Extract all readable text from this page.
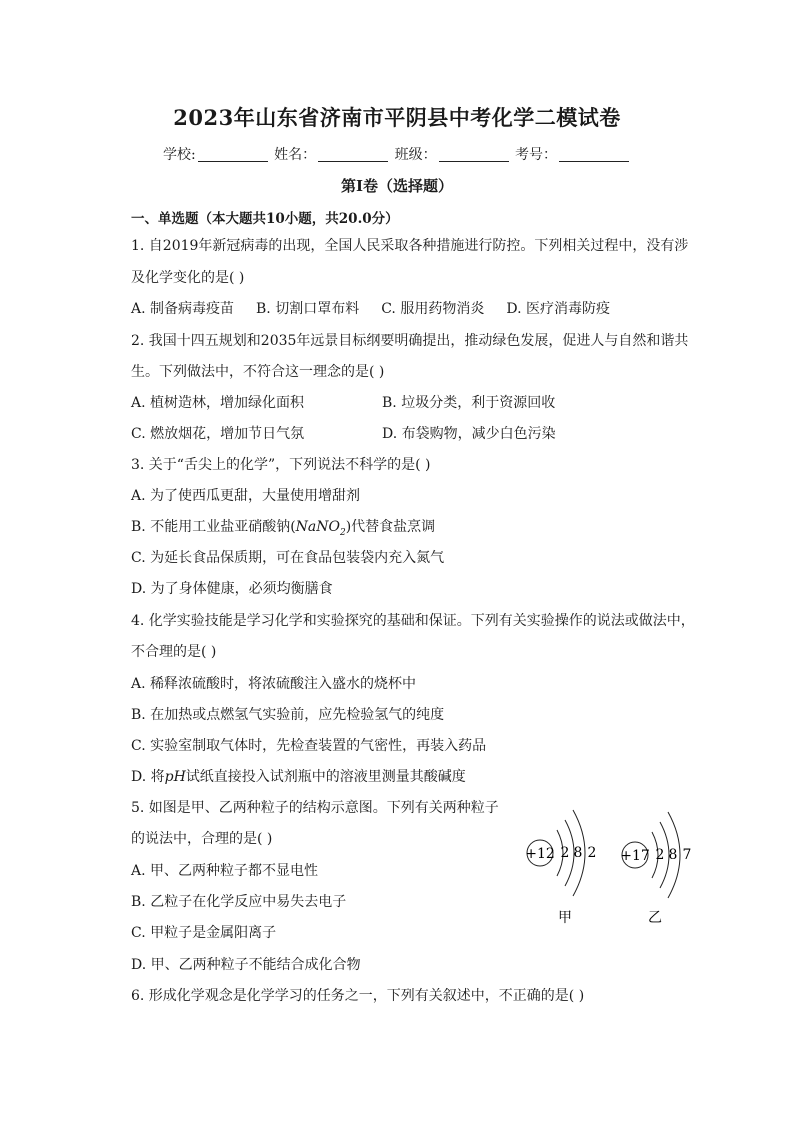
2023年山东省济南市平阴县中考化学二模试卷
学校:	姓名：	班级：	考号：
第I卷（选择题）
一、单选题（本大题共10小题，共20.0分）
1. 自2019年新冠病毒的出现，全国人民采取各种措施进行防控。下列相关过程中，没有涉
及化学变化的是( )
A. 制备病毒疫苗 B. 切割口罩布料 C. 服用药物消炎 D. 医疗消毒防疫
2. 我国十四五规划和2035年远景目标纲要明确提出，推动绿色发展，促进人与自然和谐共
生。下列做法中，不符合这一理念的是( )
A. 植树造林，增加绿化面积	B. 垃圾分类，利于资源回收
C. 燃放烟花，增加节日气氛	D. 布袋购物，减少白色污染
3. 关于“舌尖上的化学”，下列说法不科学的是( )
A. 为了使西瓜更甜，大量使用增甜剂
B. 不能用工业盐亚硝酸钠(NaNO$_2$)代替食盐烹调
C. 为延长食品保质期，可在食品包装袋内充入氮气
D. 为了身体健康，必须均衡膳食
4. 化学实验技能是学习化学和实验探究的基础和保证。下列有关实验操作的说法或做法中，
不合理的是( )
A. 稀释浓硫酸时，将浓硫酸注入盛水的烧杯中
B. 在加热或点燃氢气实验前，应先检验氢气的纯度
C. 实验室制取气体时，先检查装置的气密性，再装入药品
D. 将pH试纸直接投入试剂瓶中的溶液里测量其酸碱度
5. 如图是甲、乙两种粒子的结构示意图。下列有关两种粒子
的说法中，合理的是( )
A. 甲、乙两种粒子都不显电性
B. 乙粒子在化学反应中易失去电子
C. 甲粒子是金属阳离子
D. 甲、乙两种粒子不能结合成化合物
6. 形成化学观念是化学学习的任务之一，下列有关叙述中，不正确的是( )
+12 2 8 2
甲
+17 2 8 7
乙
